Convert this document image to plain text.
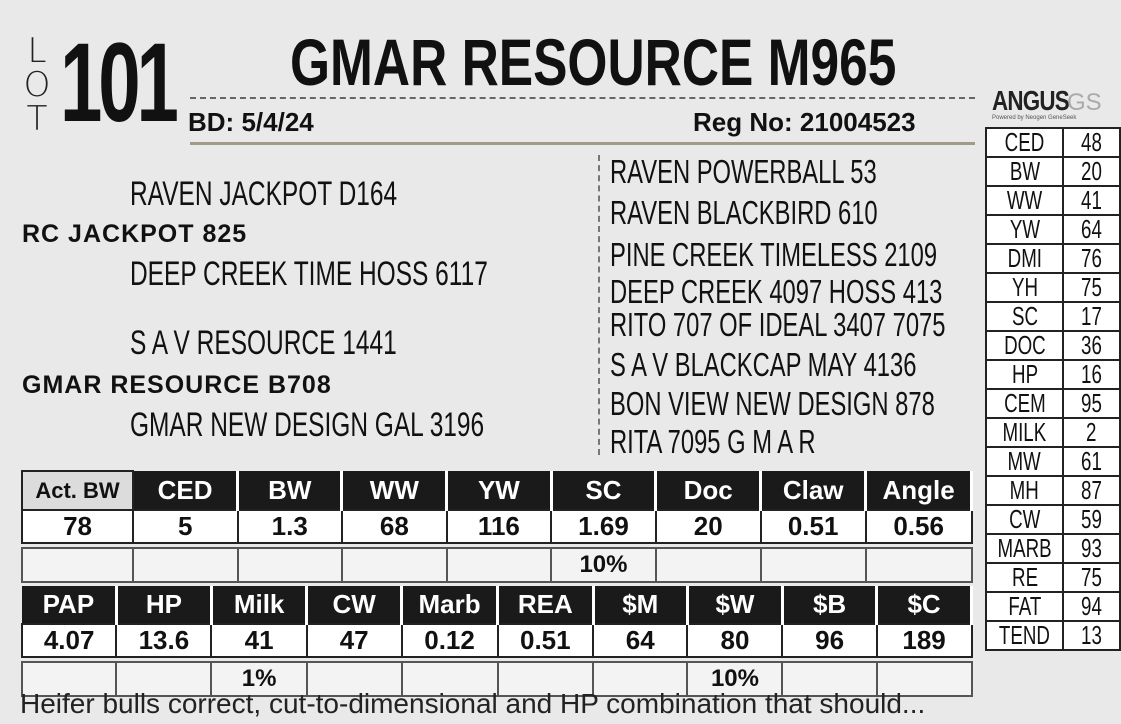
L
O
T 101 GMAR RESOURCE M965
BD: 5/4/24	Reg No: 21004523
RAVEN JACKPOT D164
RC JACKPOT 825
DEEP CREEK TIME HOSS 6117
S A V RESOURCE 1441
GMAR RESOURCE B708
GMAR NEW DESIGN GAL 3196
RAVEN POWERBALL 53
RAVEN BLACKBIRD 610
PINE CREEK TIMELESS 2109
DEEP CREEK 4097 HOSS 413
RITO 707 OF IDEAL 3407 7075
S A V BLACKCAP MAY 4136
BON VIEW NEW DESIGN 878
RITA 7095 G M A R
ANGUS
GS
Powered by Neogen GeneSeek
CED	48
BW	20
WW	41
YW	64
DMI	76
YH	75
SC	17
DOC	36
HP	16
CEM	95
MILK	2
MW	61
MH	87
CW	59
MARB	93
RE	75
FAT	94
TEND	13
Act. BW	CED	BW	WW	YW	SC	Doc	Claw	Angle
78	5	1.3	68	116	1.69	20	0.51	0.56

					10%			
PAP	HP	Milk	CW	Marb	REA	$M	$W	$B	$C
4.07	13.6	41	47	0.12	0.51	64	80	96	189

		1%					10%		
Heifer bulls correct, cut-to-dimensional and HP combination that should...
